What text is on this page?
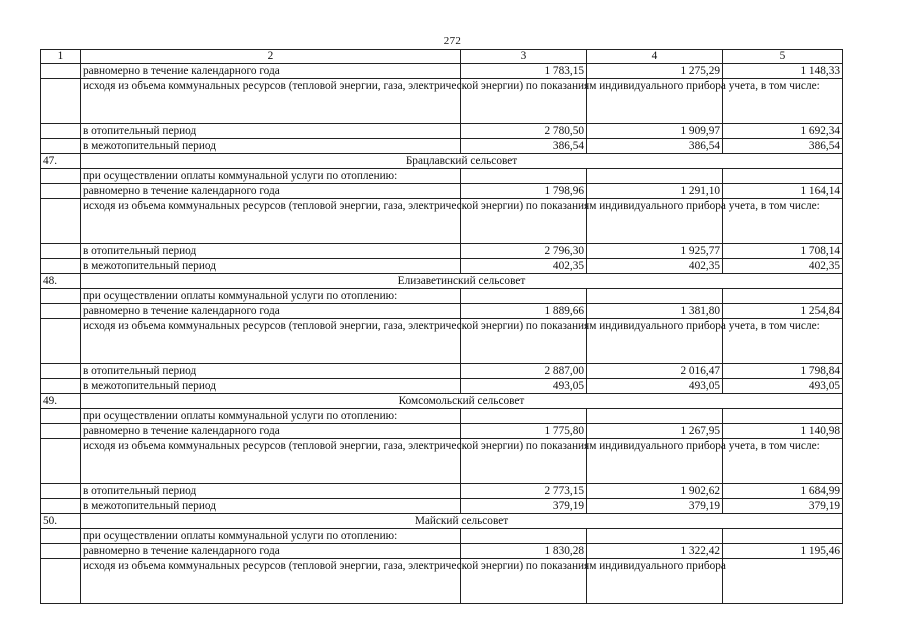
272
1	2	3	4	5
	равномерно в течение календарного года	1 783,15	1 275,29	1 148,33
	исходя из объема коммунальных ресурсов (тепловой энергии, газа, электрической энергии) по показаниям индивидуального прибора учета, в том числе:			
	в отопительный период	2 780,50	1 909,97	1 692,34
	в межотопительный период	386,54	386,54	386,54
47.	Брацлавский сельсовет			
	при осуществлении оплаты коммунальной услуги по отоплению:			
	равномерно в течение календарного года	1 798,96	1 291,10	1 164,14
	исходя из объема коммунальных ресурсов (тепловой энергии, газа, электрической энергии) по показаниям индивидуального прибора учета, в том числе:			
	в отопительный период	2 796,30	1 925,77	1 708,14
	в межотопительный период	402,35	402,35	402,35
48.	Елизаветинский сельсовет			
	при осуществлении оплаты коммунальной услуги по отоплению:			
	равномерно в течение календарного года	1 889,66	1 381,80	1 254,84
	исходя из объема коммунальных ресурсов (тепловой энергии, газа, электрической энергии) по показаниям индивидуального прибора учета, в том числе:			
	в отопительный период	2 887,00	2 016,47	1 798,84
	в межотопительный период	493,05	493,05	493,05
49.	Комсомольский сельсовет			
	при осуществлении оплаты коммунальной услуги по отоплению:			
	равномерно в течение календарного года	1 775,80	1 267,95	1 140,98
	исходя из объема коммунальных ресурсов (тепловой энергии, газа, электрической энергии) по показаниям индивидуального прибора учета, в том числе:			
	в отопительный период	2 773,15	1 902,62	1 684,99
	в межотопительный период	379,19	379,19	379,19
50.	Майский сельсовет			
	при осуществлении оплаты коммунальной услуги по отоплению:			
	равномерно в течение календарного года	1 830,28	1 322,42	1 195,46
	исходя из объема коммунальных ресурсов (тепловой энергии, газа, электрической энергии) по показаниям индивидуального прибора			
